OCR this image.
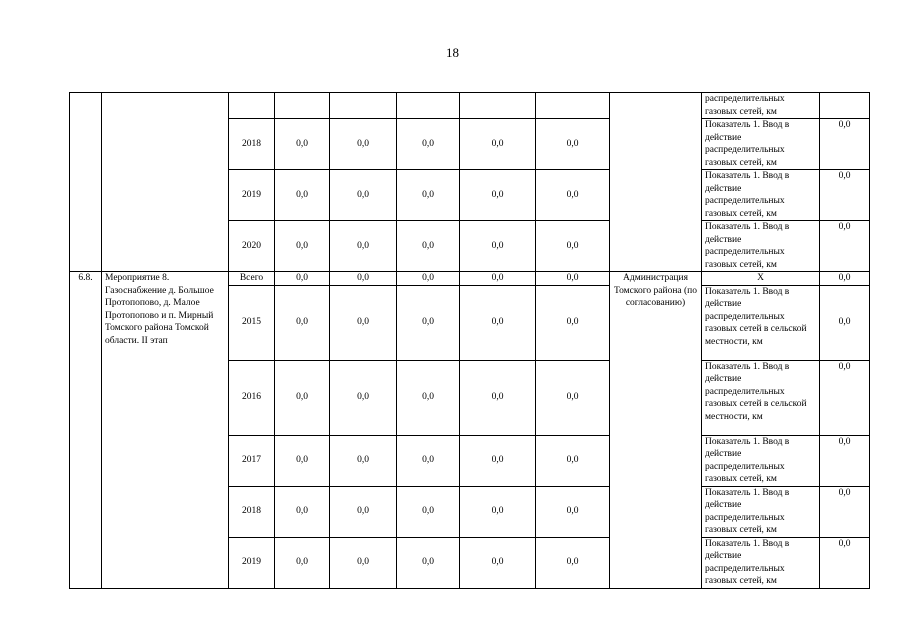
18
									распределительных газовых сетей, км	
		2018	0,0	0,0	0,0	0,0	0,0		Показатель 1. Ввод в действие распределительных газовых сетей, км	0,0
		2019	0,0	0,0	0,0	0,0	0,0		Показатель 1. Ввод в действие распределительных газовых сетей, км	0,0
		2020	0,0	0,0	0,0	0,0	0,0		Показатель 1. Ввод в действие распределительных газовых сетей, км	0,0
6.8.	Мероприятие 8. Газоснабжение д. Большое Протопопово, д. Малое Протопопово и п. Мирный Томского района Томской области. II этап	Всего	0,0	0,0	0,0	0,0	0,0	Администрация Томского района (по согласованию)	Х	0,0
		2015	0,0	0,0	0,0	0,0	0,0		Показатель 1. Ввод в действие распределительных газовых сетей в сельской местности, км	0,0
		2016	0,0	0,0	0,0	0,0	0,0		Показатель 1. Ввод в действие распределительных газовых сетей в сельской местности, км	0,0
		2017	0,0	0,0	0,0	0,0	0,0		Показатель 1. Ввод в действие распределительных газовых сетей, км	0,0
		2018	0,0	0,0	0,0	0,0	0,0		Показатель 1. Ввод в действие распределительных газовых сетей, км	0,0
		2019	0,0	0,0	0,0	0,0	0,0		Показатель 1. Ввод в действие распределительных газовых сетей, км	0,0
